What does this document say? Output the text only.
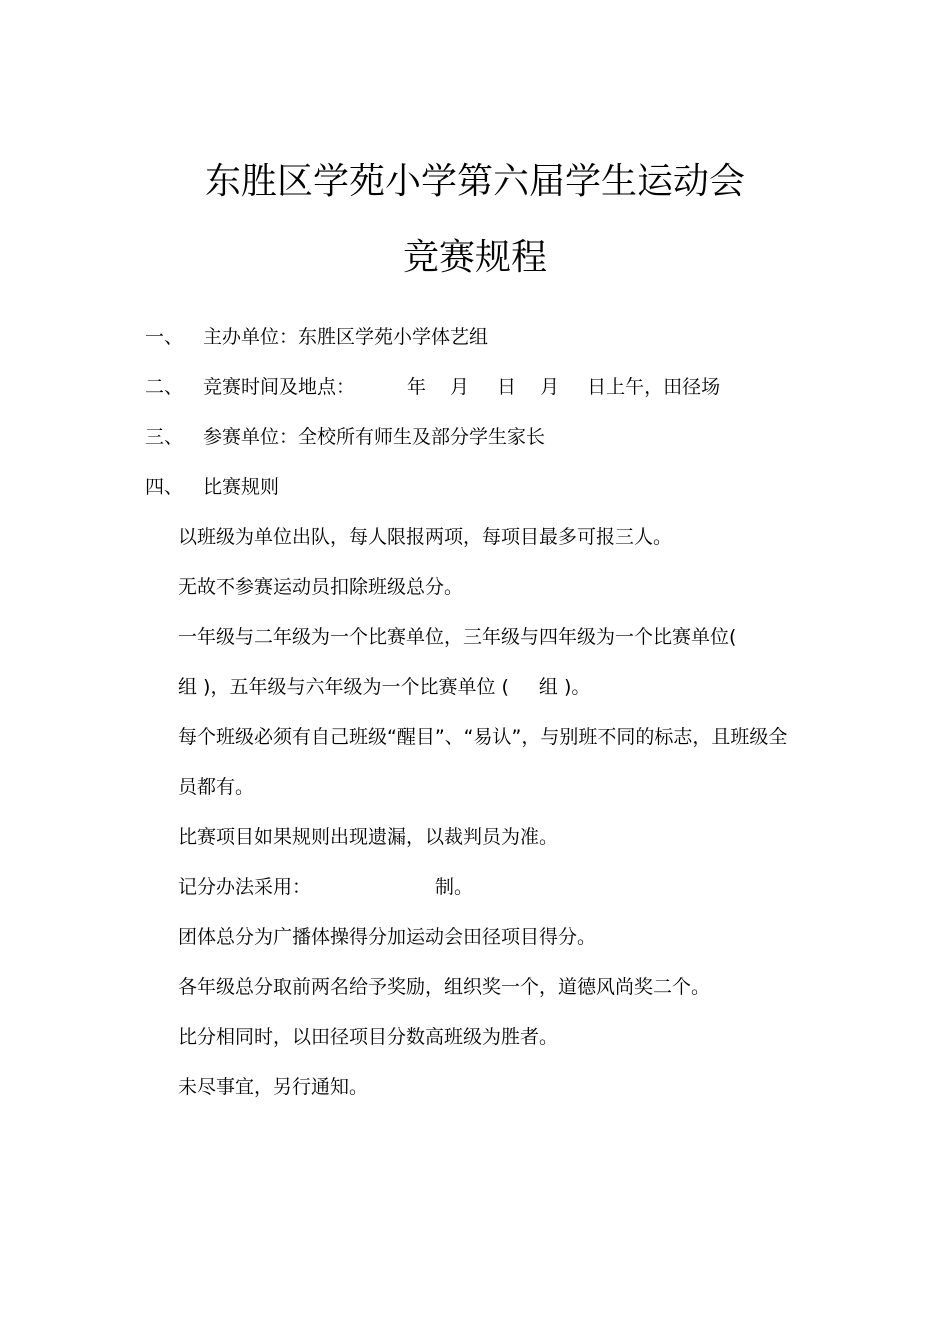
东胜区学苑小学第六届学生运动会
竞赛规程
一、 主办单位：东胜区学苑小学体艺组
二、 竞赛时间及地点：	年 月 日 月 日上午，田径场
三、 参赛单位：全校所有师生及部分学生家长
四、 比赛规则
以班级为单位出队，每人限报两项，每项目最多可报三人。
无故不参赛运动员扣除班级总分。
一年级与二年级为一个比赛单位，三年级与四年级为一个比赛单位(
组 )，五年级与六年级为一个比赛单位 ( 组 )。
每个班级必须有自己班级“醒目”、“易认”，与别班不同的标志，且班级全
员都有。
比赛项目如果规则出现遗漏，以裁判员为准。
记分办法采用：	制。
团体总分为广播体操得分加运动会田径项目得分。
各年级总分取前两名给予奖励，组织奖一个，道德风尚奖二个。
比分相同时，以田径项目分数高班级为胜者。
未尽事宜，另行通知。
